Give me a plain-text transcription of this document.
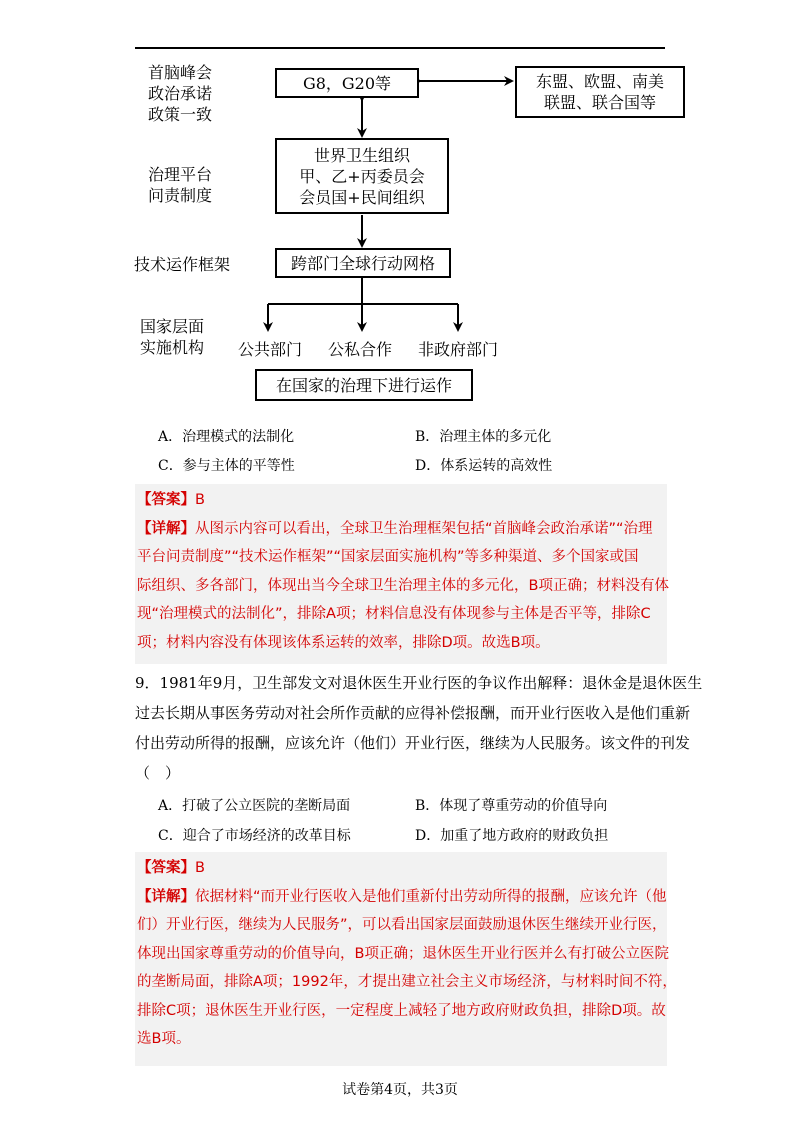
首脑峰会
政治承诺
政策一致
G8，G20等	东盟、欧盟、南美
联盟、联合国等
治理平台
问责制度
世界卫生组织
甲、乙+丙委员会
会员国+民间组织
技术运作框架	跨部门全球行动网格
国家层面
实施机构 公共部门 公私合作 非政府部门
在国家的治理下进行运作
A．治理模式的法制化	B．治理主体的多元化
C．参与主体的平等性	D．体系运转的高效性
【答案】B
【详解】从图示内容可以看出，全球卫生治理框架包括“首脑峰会政治承诺”“治理
平台问责制度”“技术运作框架”“国家层面实施机构”等多种渠道、多个国家或国
际组织、多各部门，体现出当今全球卫生治理主体的多元化，B项正确；材料没有体
现“治理模式的法制化”，排除A项；材料信息没有体现参与主体是否平等，排除C
项；材料内容没有体现该体系运转的效率，排除D项。故选B项。
9．1981年9月，卫生部发文对退休医生开业行医的争议作出解释：退休金是退休医生
过去长期从事医务劳动对社会所作贡献的应得补偿报酬，而开业行医收入是他们重新
付出劳动所得的报酬，应该允许（他们）开业行医，继续为人民服务。该文件的刊发
（　）
A．打破了公立医院的垄断局面	B．体现了尊重劳动的价值导向
C．迎合了市场经济的改革目标	D．加重了地方政府的财政负担
【答案】B
【详解】依据材料“而开业行医收入是他们重新付出劳动所得的报酬，应该允许（他
们）开业行医，继续为人民服务”，可以看出国家层面鼓励退休医生继续开业行医，
体现出国家尊重劳动的价值导向，B项正确；退休医生开业行医并么有打破公立医院
的垄断局面，排除A项；1992年，才提出建立社会主义市场经济，与材料时间不符，
排除C项；退休医生开业行医，一定程度上减轻了地方政府财政负担，排除D项。故
选B项。
试卷第4页，共3页
